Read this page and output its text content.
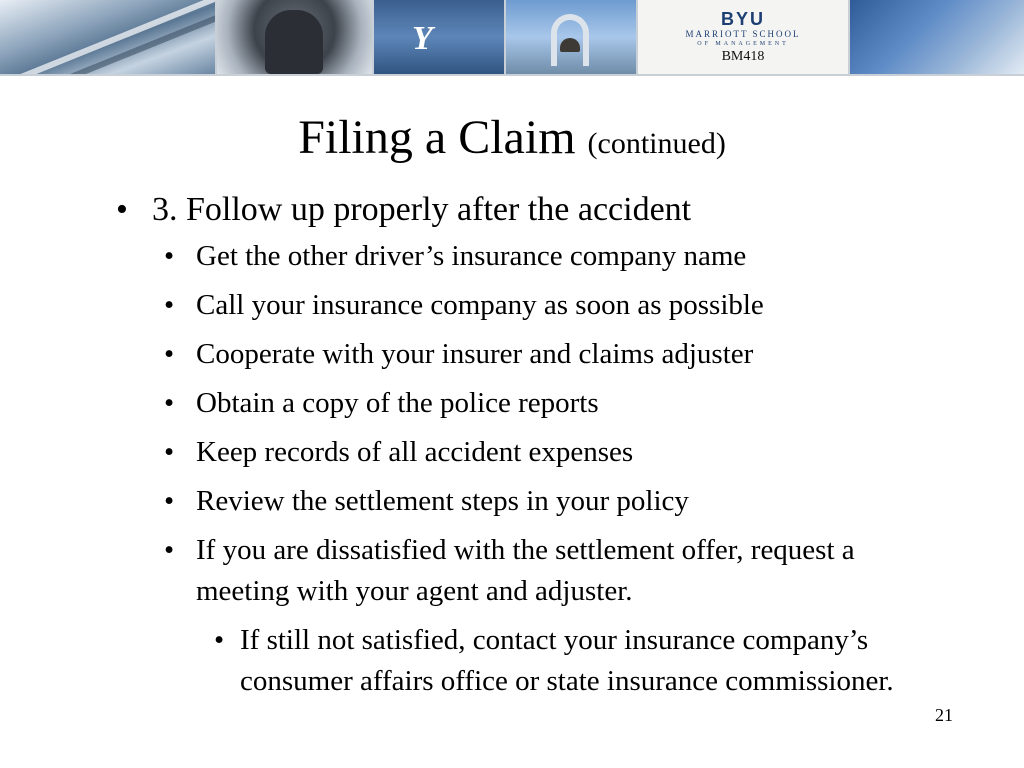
Y
BYU
MARRIOTT SCHOOL
OF MANAGEMENT
BM418
Filing a Claim (continued)

• 3. Follow up properly after the accident

• Get the other driver’s insurance company name

• Call your insurance company as soon as possible

• Cooperate with your insurer and claims adjuster

• Obtain a copy of the police reports

• Keep records of all accident expenses

• Review the settlement steps in your policy

• If you are dissatisfied with the settlement offer, request a meeting with your agent and adjuster.

• If still not satisfied, contact your insurance company’s consumer affairs office or state insurance commissioner.

21
